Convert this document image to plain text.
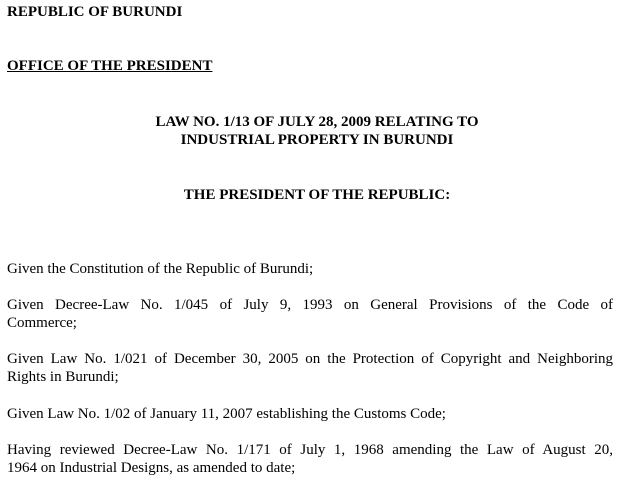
REPUBLIC OF BURUNDI
OFFICE OF THE PRESIDENT
LAW NO. 1/13 OF JULY 28, 2009 RELATING TO
INDUSTRIAL PROPERTY IN BURUNDI
THE PRESIDENT OF THE REPUBLIC:
Given the Constitution of the Republic of Burundi;
Given Decree-Law No. 1/045 of July 9, 1993 on General Provisions of the Code of
Commerce;
Given Law No. 1/021 of December 30, 2005 on the Protection of Copyright and Neighboring
Rights in Burundi;
Given Law No. 1/02 of January 11, 2007 establishing the Customs Code;
Having reviewed Decree-Law No. 1/171 of July 1, 1968 amending the Law of August 20,
1964 on Industrial Designs, as amended to date;
